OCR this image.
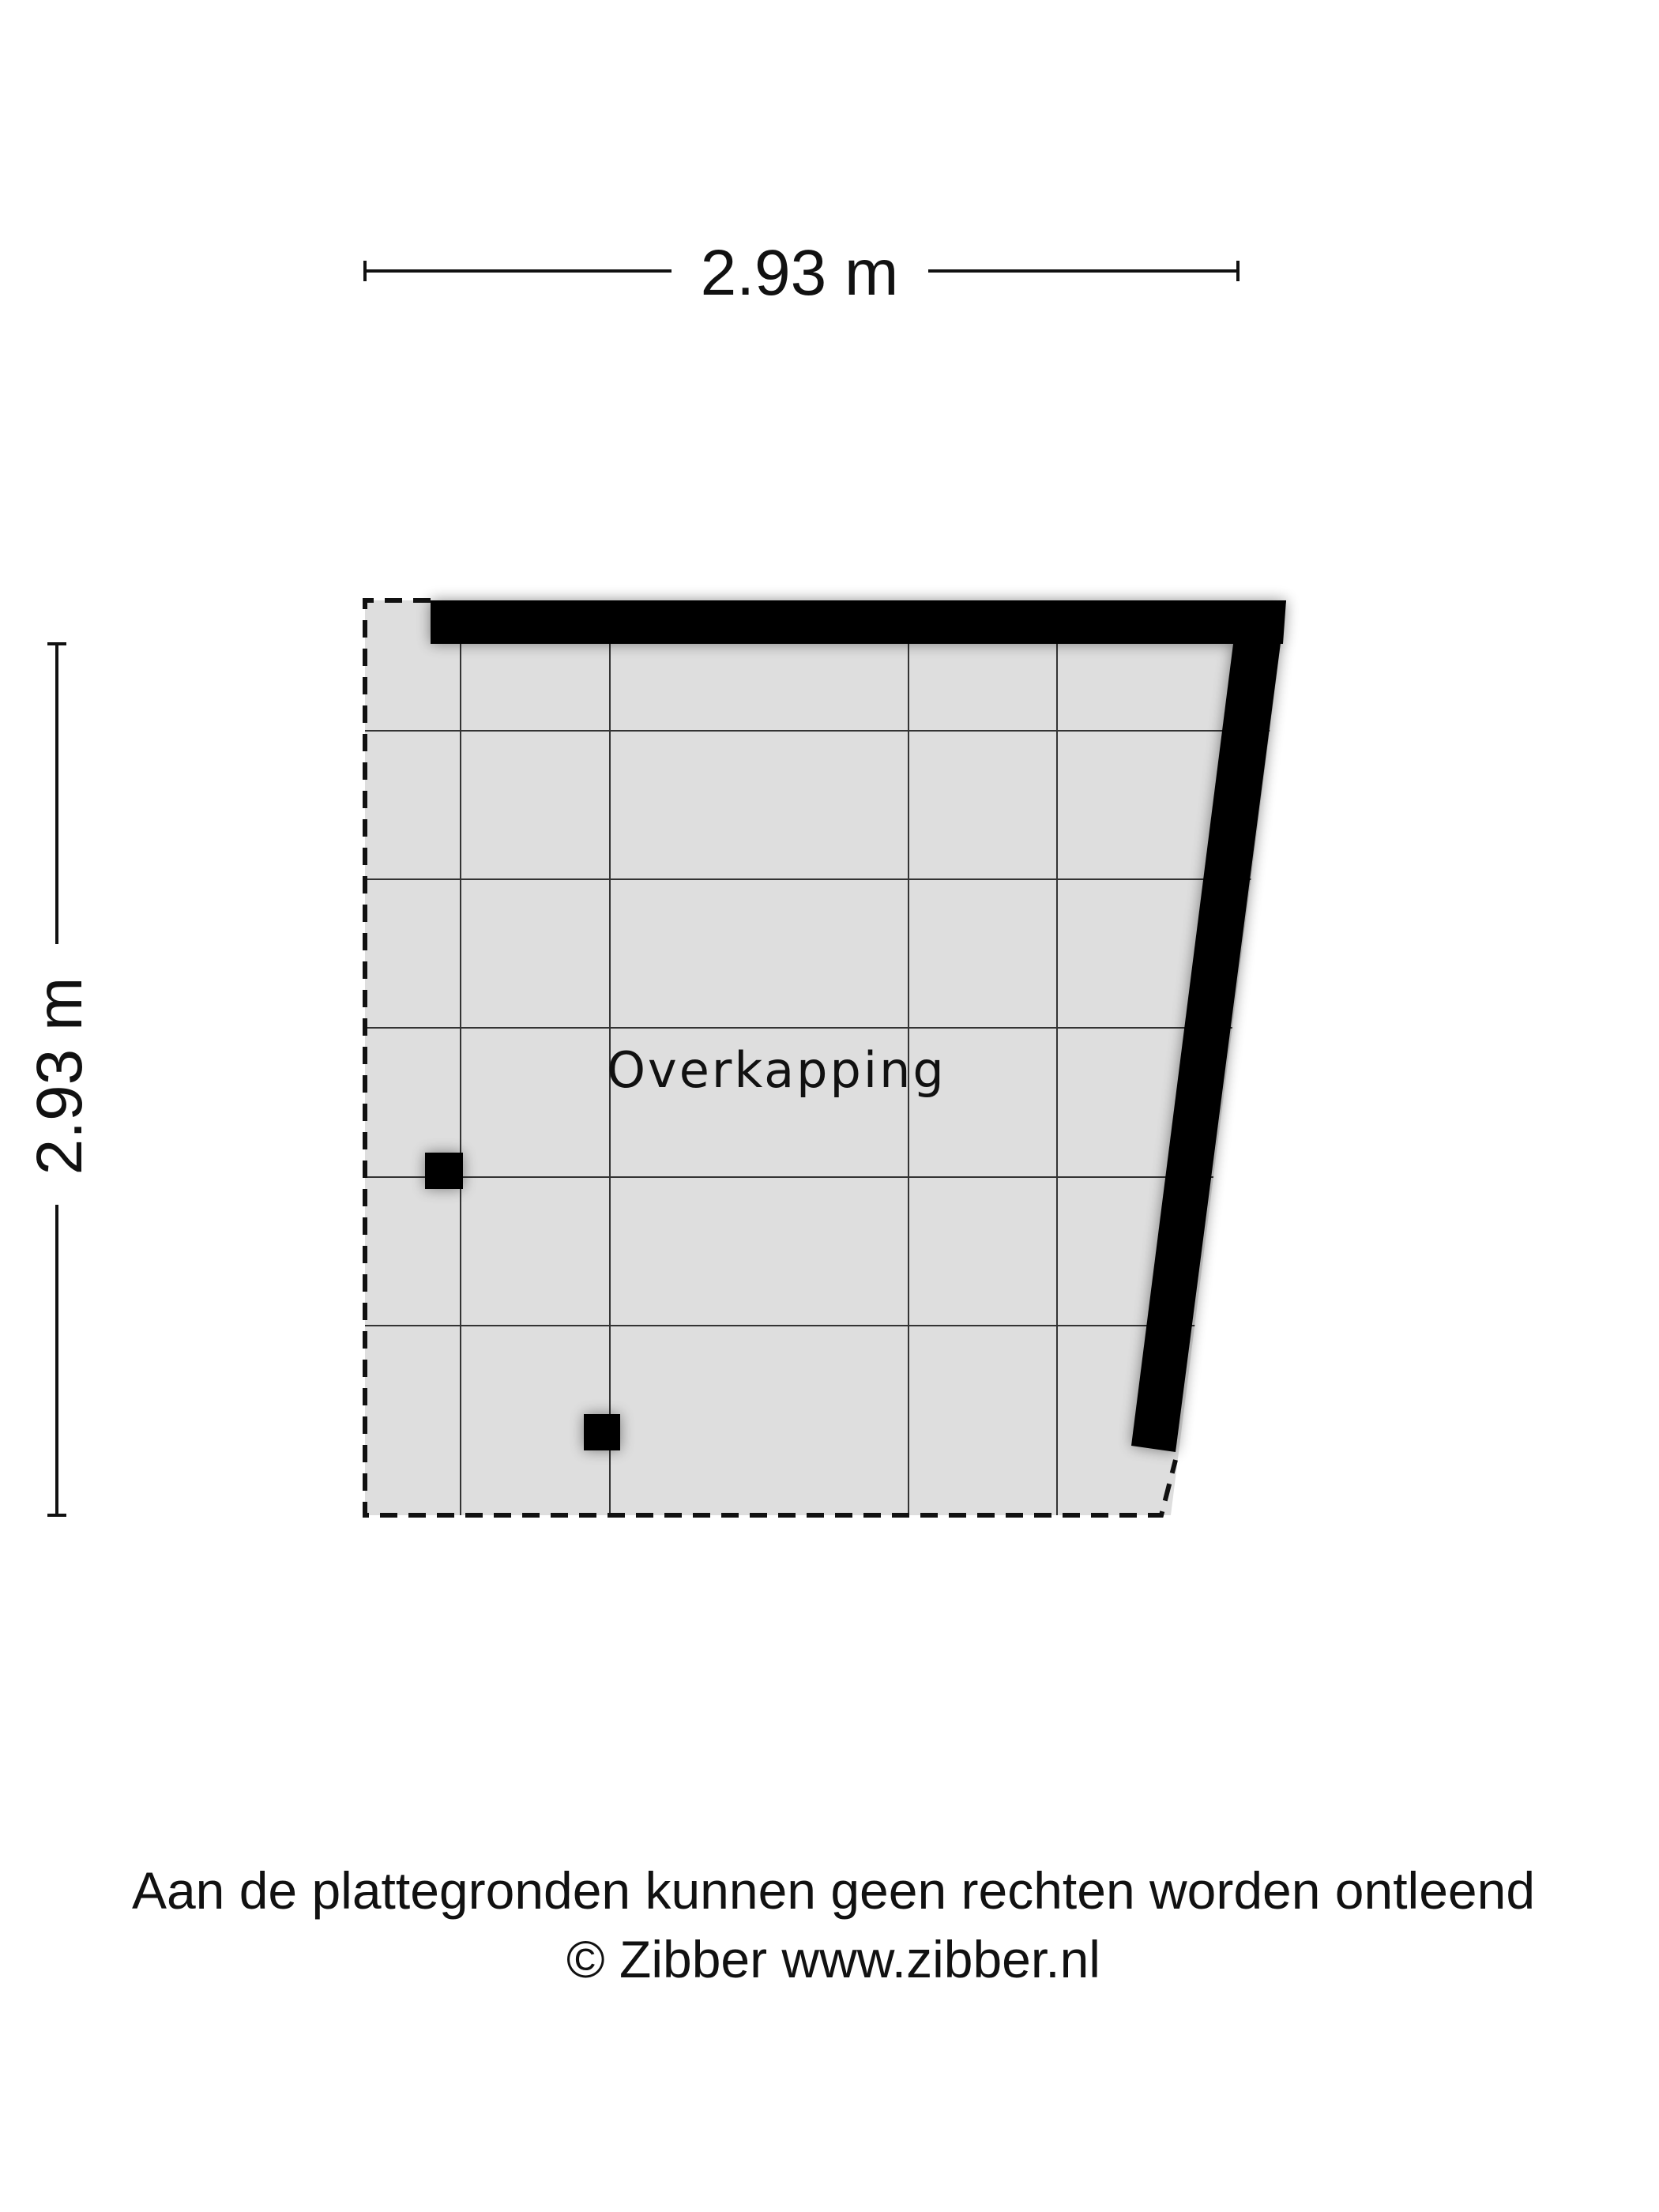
2.93 m
2.93 m	Overkapping
Aan de plattegronden kunnen geen rechten worden ontleend
© Zibber www.zibber.nl
